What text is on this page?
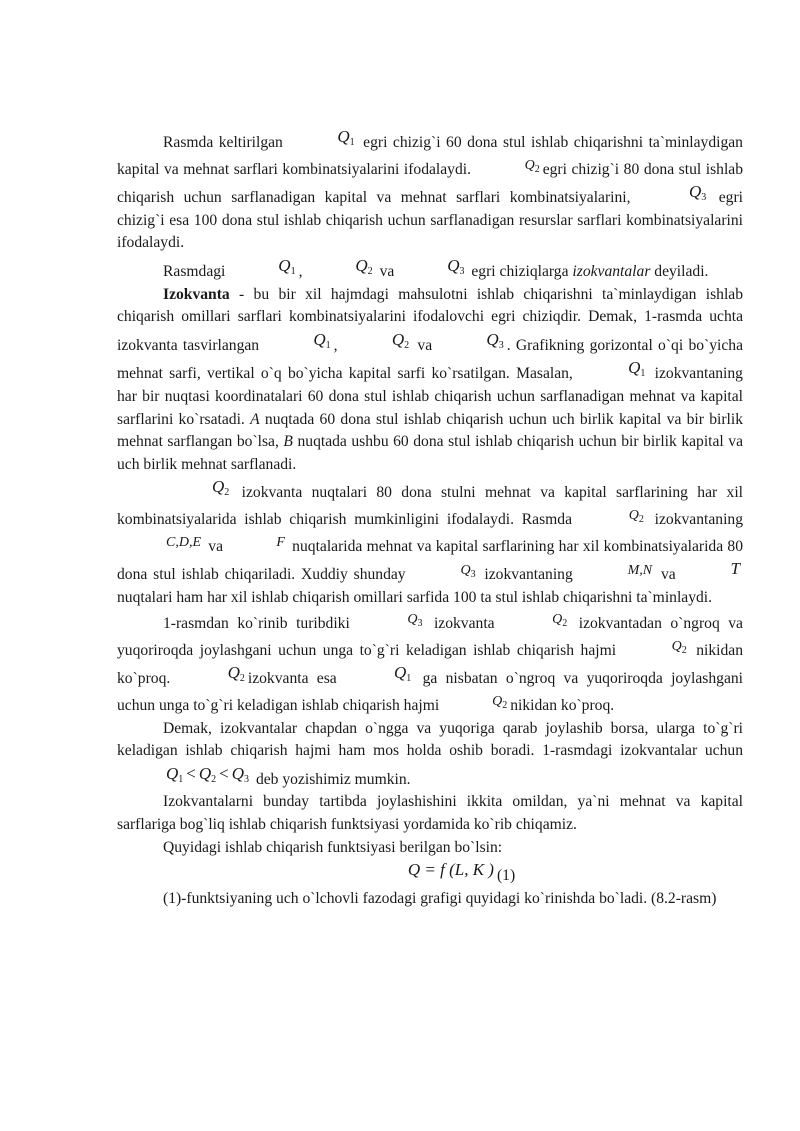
Rasmda keltirilgan	$Q_1$ egri chizig`i 60 dona stul ishlab chiqarishni ta`minlaydigan kapital va mehnat sarflari kombinatsiyalarini ifodalaydi.	$Q_2$ egri chizig`i 80 dona stul ishlab chiqarish uchun sarflanadigan kapital va mehnat sarflari kombinatsiyalarini,	$Q_3$ egri chizig`i esa 100 dona stul ishlab chiqarish uchun sarflanadigan resurslar sarflari kombinatsiyalarini ifodalaydi.

Rasmdagi	$Q_1$ ,	$Q_2$ va	$Q_3$ egri chiziqlarga izokvantalar deyiladi.

Izokvanta - bu bir xil hajmdagi mahsulotni ishlab chiqarishni ta`minlaydigan ishlab chiqarish omillari sarflari kombinatsiyalarini ifodalovchi egri chiziqdir. Demak, 1-rasmda uchta izokvanta tasvirlangan	$Q_1$ ,	$Q_2$ va	$Q_3$ . Grafikning gorizontal o`qi bo`yicha mehnat sarfi, vertikal o`q bo`yicha kapital sarfi ko`rsatilgan. Masalan,	$Q_1$ izokvantaning har bir nuqtasi koordinatalari 60 dona stul ishlab chiqarish uchun sarflanadigan mehnat va kapital sarflarini ko`rsatadi. A nuqtada 60 dona stul ishlab chiqarish uchun uch birlik kapital va bir birlik mehnat sarflangan bo`lsa, B nuqtada ushbu 60 dona stul ishlab chiqarish uchun bir birlik kapital va uch birlik mehnat sarflanadi.

$Q_2$ izokvanta nuqtalari 80 dona stulni mehnat va kapital sarflarining har xil kombinatsiyalarida ishlab chiqarish mumkinligini ifodalaydi. Rasmda	$Q_2$ izokvantaning C,D,E va	F nuqtalarida mehnat va kapital sarflarining har xil kombinatsiyalarida 80 dona stul ishlab chiqariladi. Xuddiy shunday	$Q_3$ izokvantaning	M,N va	T nuqtalari ham har xil ishlab chiqarish omillari sarfida 100 ta stul ishlab chiqarishni ta`minlaydi.

1-rasmdan ko`rinib turibdiki	$Q_3$ izokvanta	$Q_2$ izokvantadan o`ngroq va yuqoriroqda joylashgani uchun unga to`g`ri keladigan ishlab chiqarish hajmi	$Q_2$ nikidan ko`proq.	$Q_2$ izokvanta esa	$Q_1$ ga nisbatan o`ngroq va yuqoriroqda joylashgani uchun unga to`g`ri keladigan ishlab chiqarish hajmi	$Q_2$ nikidan ko`proq.

Demak, izokvantalar chapdan o`ngga va yuqoriga qarab joylashib borsa, ularga to`g`ri keladigan ishlab chiqarish hajmi ham mos holda oshib boradi. 1-rasmdagi izokvantalar uchun $Q_1 < Q_2 < Q_3$ deb yozishimiz mumkin.

Izokvantalarni bunday tartibda joylashishini ikkita omildan, ya`ni mehnat va kapital sarflariga bog`liq ishlab chiqarish funktsiyasi yordamida ko`rib chiqamiz.

Quyidagi ishlab chiqarish funktsiyasi berilgan bo`lsin:

Q = f (L, K ) (1)

(1)-funktsiyaning uch o`lchovli fazodagi grafigi quyidagi ko`rinishda bo`ladi. (8.2-rasm)
